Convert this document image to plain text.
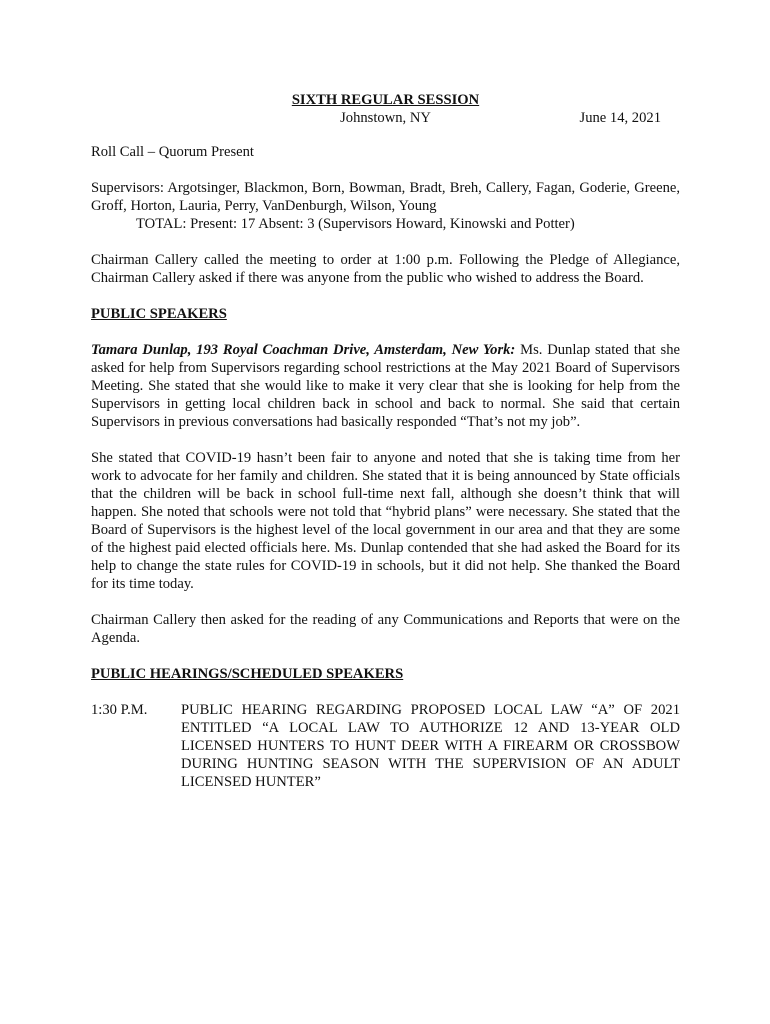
SIXTH REGULAR SESSION

Johnstown, NY	June 14, 2021

Roll Call – Quorum Present

Supervisors: Argotsinger, Blackmon, Born, Bowman, Bradt, Breh, Callery, Fagan, Goderie, Greene, Groff, Horton, Lauria, Perry, VanDenburgh, Wilson, Young

TOTAL: Present: 17 Absent: 3 (Supervisors Howard, Kinowski and Potter)

Chairman Callery called the meeting to order at 1:00 p.m. Following the Pledge of Allegiance, Chairman Callery asked if there was anyone from the public who wished to address the Board.

PUBLIC SPEAKERS

Tamara Dunlap, 193 Royal Coachman Drive, Amsterdam, New York: Ms. Dunlap stated that she asked for help from Supervisors regarding school restrictions at the May 2021 Board of Supervisors Meeting. She stated that she would like to make it very clear that she is looking for help from the Supervisors in getting local children back in school and back to normal. She said that certain Supervisors in previous conversations had basically responded “That’s not my job”.

She stated that COVID-19 hasn’t been fair to anyone and noted that she is taking time from her work to advocate for her family and children. She stated that it is being announced by State officials that the children will be back in school full-time next fall, although she doesn’t think that will happen. She noted that schools were not told that “hybrid plans” were necessary. She stated that the Board of Supervisors is the highest level of the local government in our area and that they are some of the highest paid elected officials here. Ms. Dunlap contended that she had asked the Board for its help to change the state rules for COVID-19 in schools, but it did not help. She thanked the Board for its time today.

Chairman Callery then asked for the reading of any Communications and Reports that were on the Agenda.

PUBLIC HEARINGS/SCHEDULED SPEAKERS

1:30 P.M.	PUBLIC HEARING REGARDING PROPOSED LOCAL LAW “A” OF 2021 ENTITLED “A LOCAL LAW TO AUTHORIZE 12 AND 13-YEAR OLD LICENSED HUNTERS TO HUNT DEER WITH A FIREARM OR CROSSBOW DURING HUNTING SEASON WITH THE SUPERVISION OF AN ADULT LICENSED HUNTER”
